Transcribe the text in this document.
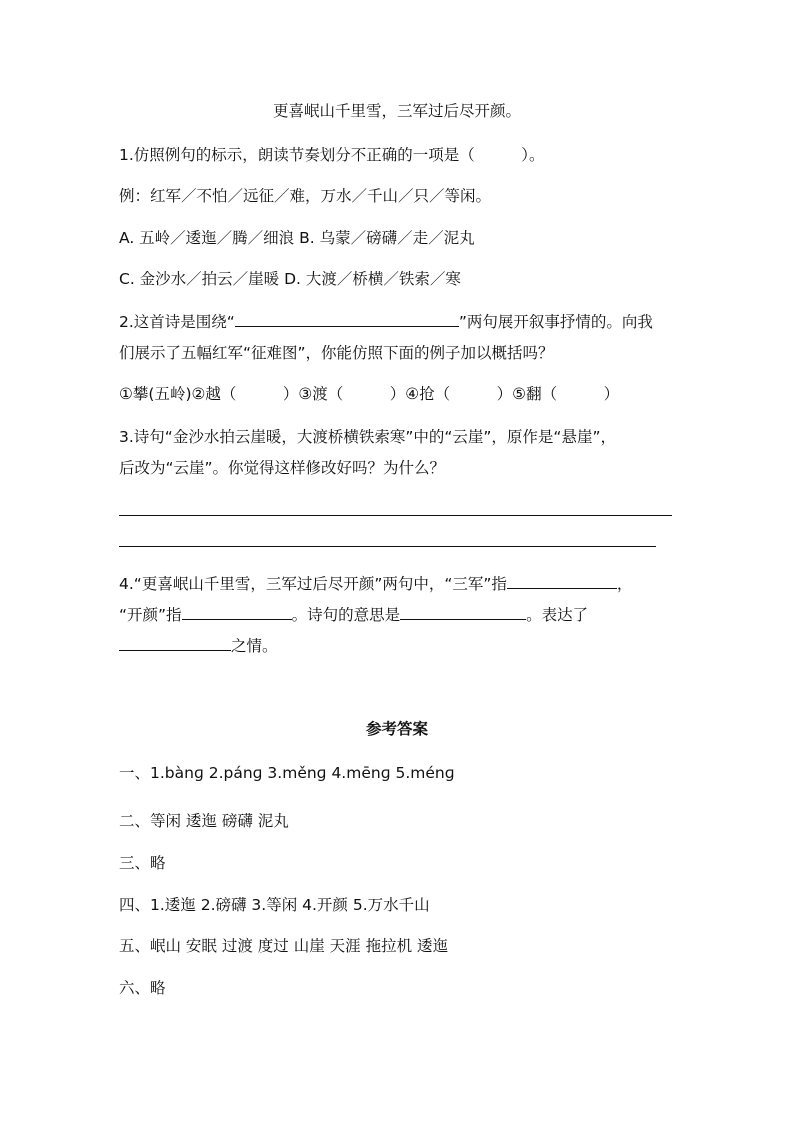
更喜岷山千里雪，三军过后尽开颜。
1.仿照例句的标示，朗读节奏划分不正确的一项是（　　　）。
例：红军／不怕／远征／难，万水／千山／只／等闲。
A. 五岭／逶迤／腾／细浪 B. 乌蒙／磅礴／走／泥丸
C. 金沙水／拍云／崖暖 D. 大渡／桥横／铁索／寒
2.这首诗是围绕“	”两句展开叙事抒情的。向我
们展示了五幅红军“征难图”，你能仿照下面的例子加以概括吗？
①攀(五岭)②越（　　　）③渡（　　　）④抢（　　　）⑤翻（　　　）
3.诗句“金沙水拍云崖暖，大渡桥横铁索寒”中的“云崖”，原作是“悬崖”，
后改为“云崖”。你觉得这样修改好吗？为什么？
4.“更喜岷山千里雪，三军过后尽开颜”两句中，“三军”指	，
“开颜”指	。诗句的意思是	。表达了
之情。
参考答案
一、1.bànɡ 2.pánɡ 3.měnɡ 4.mēnɡ 5.ménɡ
二、等闲 逶迤 磅礴 泥丸
三、略
四、1.逶迤 2.磅礴 3.等闲 4.开颜 5.万水千山
五、岷山 安眠 过渡 度过 山崖 天涯 拖拉机 逶迤
六、略
